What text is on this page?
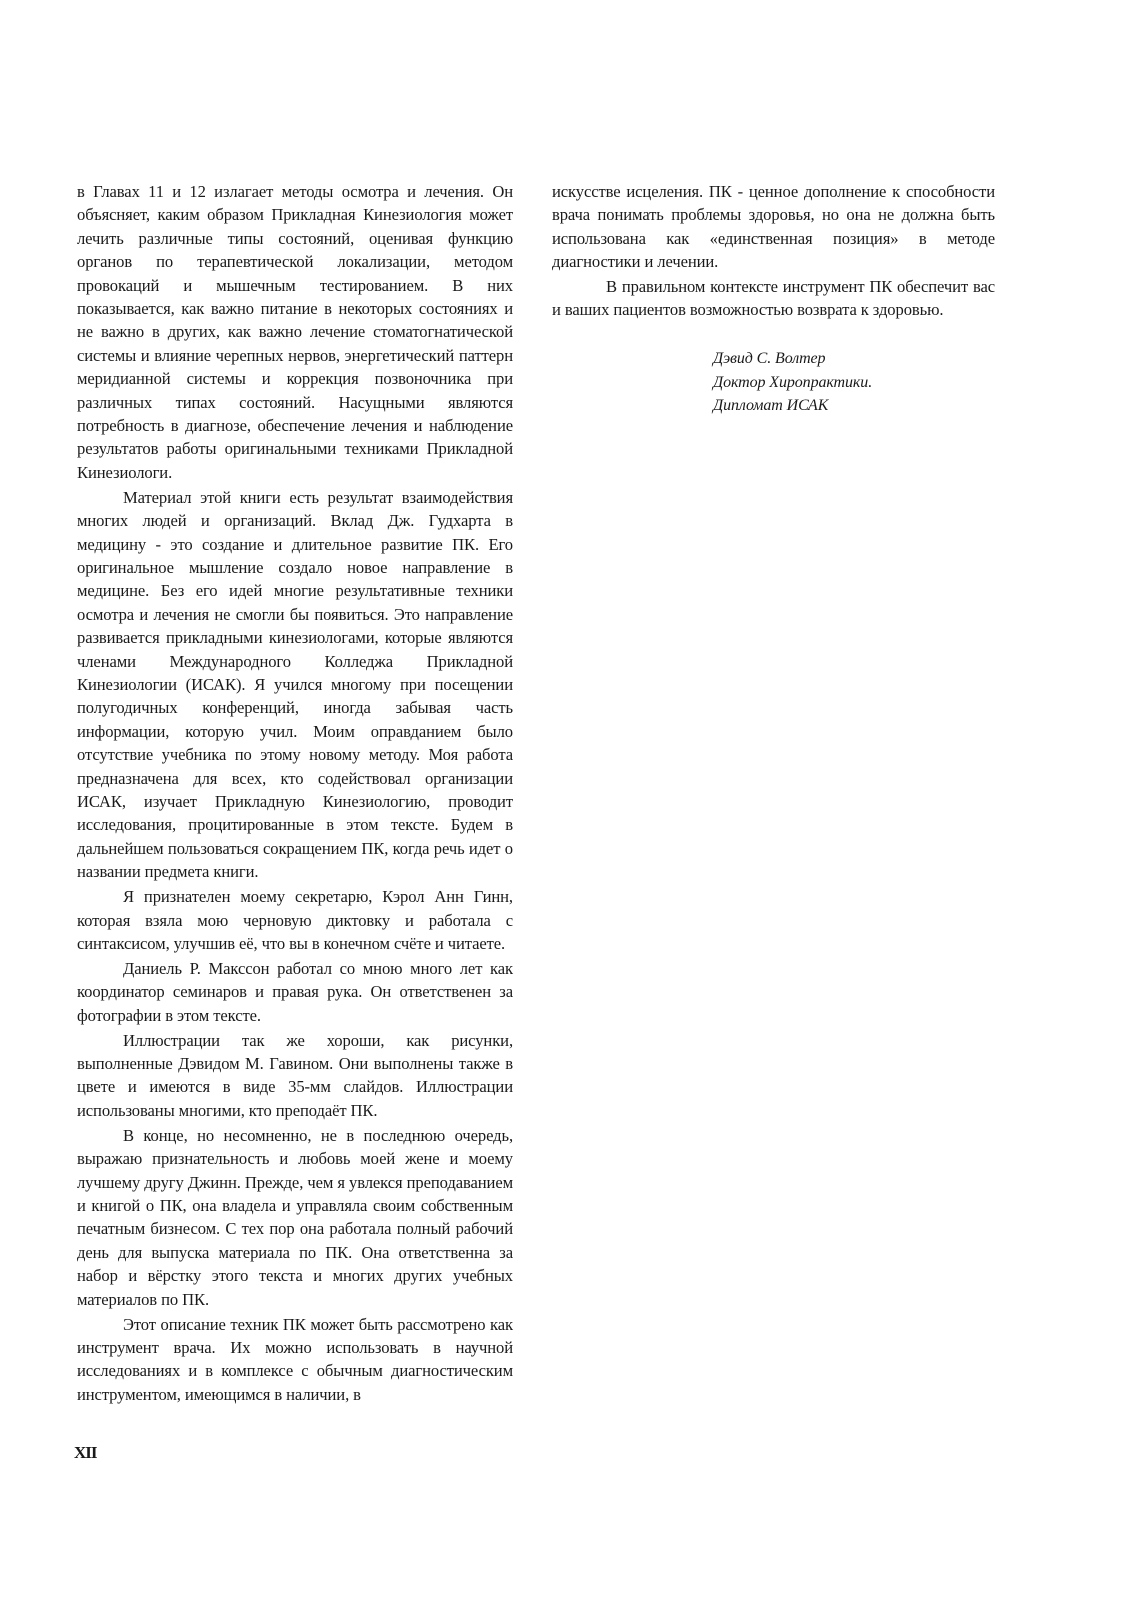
в Главах 11 и 12 излагает методы осмотра и лечения. Он объясняет, каким образом Прикладная Кинезиология может лечить различные типы состояний, оценивая функцию органов по терапевтической локализации, методом провокаций и мышечным тестированием. В них показывается, как важно питание в некоторых состояниях и не важно в других, как важно лечение стоматогнатической системы и влияние черепных нервов, энергетический паттерн меридианной системы и коррекция позвоночника при различных типах состояний. Насущными являются потребность в диагнозе, обеспечение лечения и наблюдение результатов работы оригинальными техниками Прикладной Кинезиологи.

Материал этой книги есть результат взаимодействия многих людей и организаций. Вклад Дж. Гудхарта в медицину - это создание и длительное развитие ПК. Его оригинальное мышление создало новое направление в медицине. Без его идей многие результативные техники осмотра и лечения не смогли бы появиться. Это направление развивается прикладными кинезиологами, которые являются членами Международного Колледжа Прикладной Кинезиологии (ИСАК). Я учился многому при посещении полугодичных конференций, иногда забывая часть информации, которую учил. Моим оправданием было отсутствие учебника по этому новому методу. Моя работа предназначена для всех, кто содействовал организации ИСАК, изучает Прикладную Кинезиологию, проводит исследования, процитированные в этом тексте. Будем в дальнейшем пользоваться сокращением ПК, когда речь идет о названии предмета книги.

Я признателен моему секретарю, Кэрол Анн Гинн, которая взяла мою черновую диктовку и работала с синтаксисом, улучшив её, что вы в конечном счёте и читаете.

Даниель Р. Макссон работал со мною много лет как координатор семинаров и правая рука. Он ответственен за фотографии в этом тексте.

Иллюстрации так же хороши, как рисунки, выполненные Дэвидом М. Гавином. Они выполнены также в цвете и имеются в виде 35-мм слайдов. Иллюстрации использованы многими, кто преподаёт ПК.

В конце, но несомненно, не в последнюю очередь, выражаю признательность и любовь моей жене и моему лучшему другу Джинн. Прежде, чем я увлекся преподаванием и книгой о ПК, она владела и управляла своим собственным печатным бизнесом. С тех пор она работала полный рабочий день для выпуска материала по ПК. Она ответственна за набор и вёрстку этого текста и многих других учебных материалов по ПК.

Этот описание техник ПК может быть рассмотрено как инструмент врача. Их можно использовать в научной исследованиях и в комплексе с обычным диагностическим инструментом, имеющимся в наличии, в

искусстве исцеления. ПК - ценное дополнение к способности врача понимать проблемы здоровья, но она не должна быть использована как «единственная позиция» в методе диагностики и лечении.

В правильном контексте инструмент ПК обеспечит вас и ваших пациентов возможностью возврата к здоровью.

Дэвид С. Волтер
Доктор Хиропрактики.
Дипломат ИСАК
XII
